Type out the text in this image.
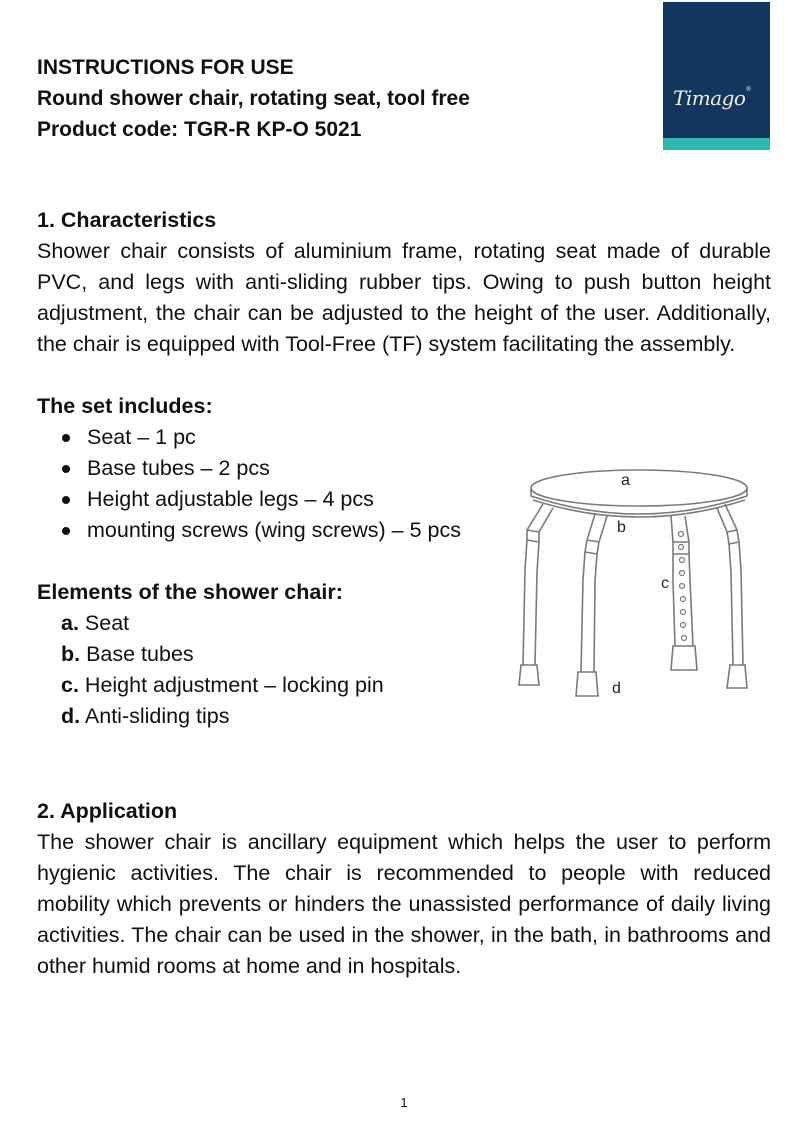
INSTRUCTIONS FOR USE
Round shower chair, rotating seat, tool free
Product code: TGR-R KP-O 5021
Timago®
1. Characteristics
Shower chair consists of aluminium frame, rotating seat made of durable PVC, and legs with anti-sliding rubber tips. Owing to push button height adjustment, the chair can be adjusted to the height of the user. Additionally, the chair is equipped with Tool-Free (TF) system facilitating the assembly.
The set includes:
Seat – 1 pc
Base tubes – 2 pcs
Height adjustable legs – 4 pcs
mounting screws (wing screws) – 5 pcs
Elements of the shower chair:
a. Seat
b. Base tubes
c. Height adjustment – locking pin
d. Anti-sliding tips
a
b
c
d
2. Application
The shower chair is ancillary equipment which helps the user to perform hygienic activities. The chair is recommended to people with reduced mobility which prevents or hinders the unassisted performance of daily living activities. The chair can be used in the shower, in the bath, in bathrooms and other humid rooms at home and in hospitals.
1
